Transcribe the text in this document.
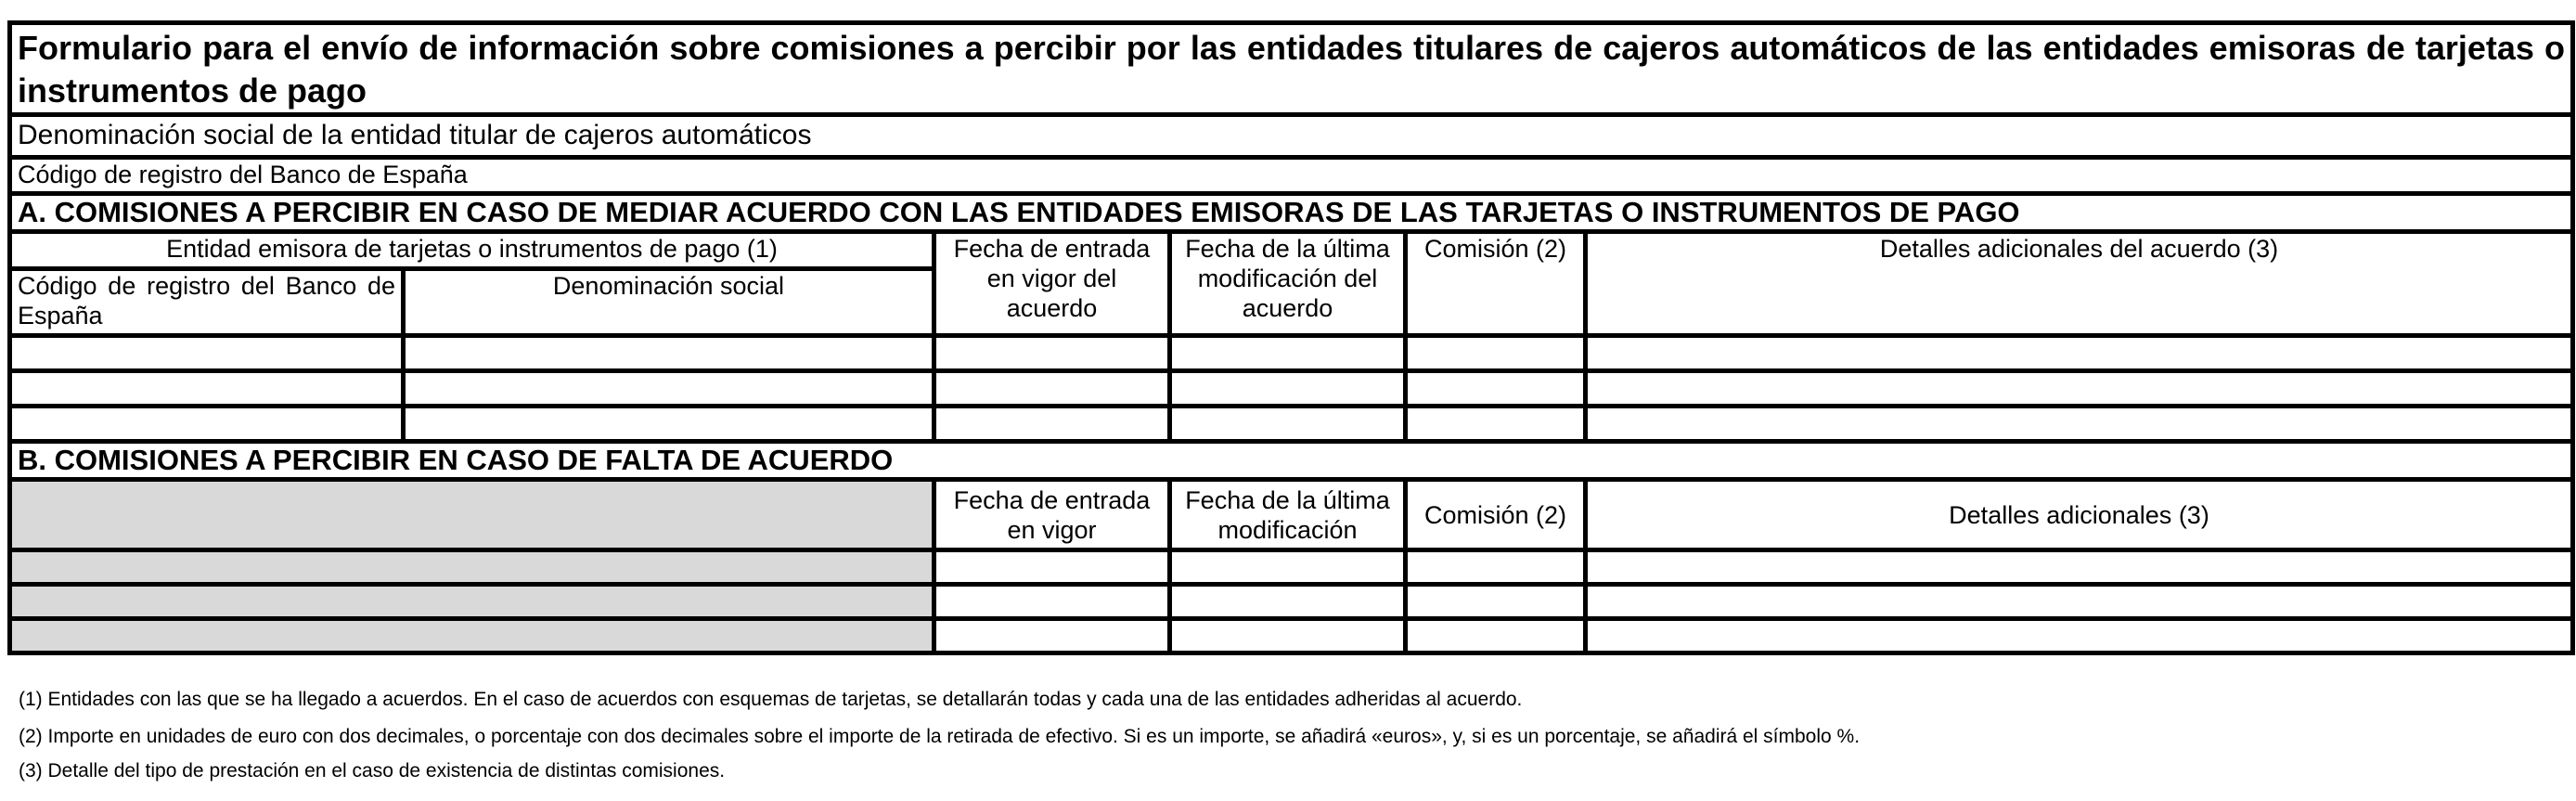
Formulario para el envío de información sobre comisiones a percibir por las entidades titulares de cajeros automáticos de las entidades emisoras de tarjetas o instrumentos de pago					
Denominación social de la entidad titular de cajeros automáticos					
Código de registro del Banco de España					
A. COMISIONES A PERCIBIR EN CASO DE MEDIAR ACUERDO CON LAS ENTIDADES EMISORAS DE LAS TARJETAS O INSTRUMENTOS DE PAGO					
Entidad emisora de tarjetas o instrumentos de pago (1)		Fecha de entrada en vigor del acuerdo	Fecha de la última modificación del acuerdo	Comisión (2)	Detalles adicionales del acuerdo (3)
Código de registro del Banco de España	Denominación social				

B. COMISIONES A PERCIBIR EN CASO DE FALTA DE ACUERDO					
		Fecha de entrada en vigor	Fecha de la última modificación	Comisión (2)	Detalles adicionales (3)

(1) Entidades con las que se ha llegado a acuerdos. En el caso de acuerdos con esquemas de tarjetas, se detallarán todas y cada una de las entidades adheridas al acuerdo.

(2) Importe en unidades de euro con dos decimales, o porcentaje con dos decimales sobre el importe de la retirada de efectivo. Si es un importe, se añadirá «euros», y, si es un porcentaje, se añadirá el símbolo %.

(3) Detalle del tipo de prestación en el caso de existencia de distintas comisiones.
